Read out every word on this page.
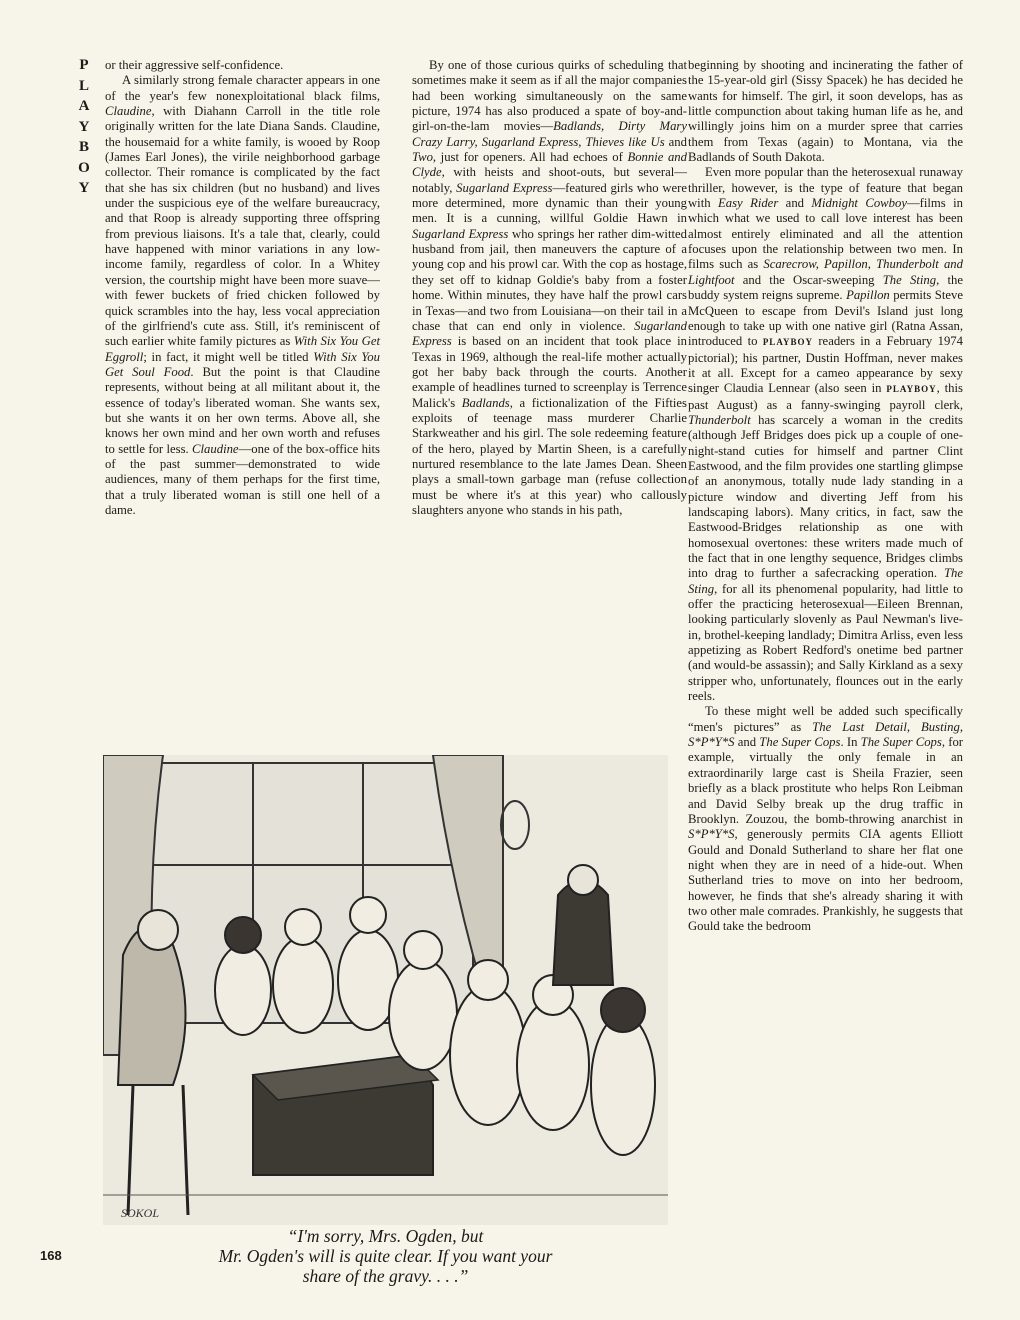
P
L
A
Y
B
O
Y

or their aggressive self-confidence.

A similarly strong female character appears in one of the year's few nonexploitational black films, Claudine, with Diahann Carroll in the title role originally written for the late Diana Sands. Claudine, the housemaid for a white family, is wooed by Roop (James Earl Jones), the virile neighborhood garbage collector. Their romance is complicated by the fact that she has six children (but no husband) and lives under the suspicious eye of the welfare bureaucracy, and that Roop is already supporting three offspring from previous liaisons. It's a tale that, clearly, could have happened with minor variations in any low-income family, regardless of color. In a Whitey version, the courtship might have been more suave—with fewer buckets of fried chicken followed by quick scrambles into the hay, less vocal appreciation of the girlfriend's cute ass. Still, it's reminiscent of such earlier white family pictures as With Six You Get Eggroll; in fact, it might well be titled With Six You Get Soul Food. But the point is that Claudine represents, without being at all militant about it, the essence of today's liberated woman. She wants sex, but she wants it on her own terms. Above all, she knows her own mind and her own worth and refuses to settle for less. Claudine—one of the box-office hits of the past summer—demonstrated to wide audiences, many of them perhaps for the first time, that a truly liberated woman is still one hell of a dame.

By one of those curious quirks of scheduling that sometimes make it seem as if all the major companies had been working simultaneously on the same picture, 1974 has also produced a spate of boy-and-girl-on-the-lam movies—Badlands, Dirty Mary Crazy Larry, Sugarland Express, Thieves like Us and Two, just for openers. All had echoes of Bonnie and Clyde, with heists and shoot-outs, but several—notably, Sugarland Express—featured girls who were more determined, more dynamic than their young men. It is a cunning, willful Goldie Hawn in Sugarland Express who springs her rather dim-witted husband from jail, then maneuvers the capture of a young cop and his prowl car. With the cop as hostage, they set off to kidnap Goldie's baby from a foster home. Within minutes, they have half the prowl cars in Texas—and two from Louisiana—on their tail in a chase that can end only in violence. Sugarland Express is based on an incident that took place in Texas in 1969, although the real-life mother actually got her baby back through the courts. Another example of headlines turned to screenplay is Terrence Malick's Badlands, a fictionalization of the Fifties exploits of teenage mass murderer Charlie Starkweather and his girl. The sole redeeming feature of the hero, played by Martin Sheen, is a carefully nurtured resemblance to the late James Dean. Sheen plays a small-town garbage man (refuse collection must be where it's at this year) who callously slaughters anyone who stands in his path,

beginning by shooting and incinerating the father of the 15-year-old girl (Sissy Spacek) he has decided he wants for himself. The girl, it soon develops, has as little compunction about taking human life as he, and willingly joins him on a murder spree that carries them from Texas (again) to Montana, via the Badlands of South Dakota.

Even more popular than the heterosexual runaway thriller, however, is the type of feature that began with Easy Rider and Midnight Cowboy—films in which what we used to call love interest has been almost entirely eliminated and all the attention focuses upon the relationship between two men. In films such as Scarecrow, Papillon, Thunderbolt and Lightfoot and the Oscar-sweeping The Sting, the buddy system reigns supreme. Papillon permits Steve McQueen to escape from Devil's Island just long enough to take up with one native girl (Ratna Assan, introduced to PLAYBOY readers in a February 1974 pictorial); his partner, Dustin Hoffman, never makes it at all. Except for a cameo appearance by sexy singer Claudia Lennear (also seen in PLAYBOY, this past August) as a fanny-swinging payroll clerk, Thunderbolt has scarcely a woman in the credits (although Jeff Bridges does pick up a couple of one-night-stand cuties for himself and partner Clint Eastwood, and the film provides one startling glimpse of an anonymous, totally nude lady standing in a picture window and diverting Jeff from his landscaping labors). Many critics, in fact, saw the Eastwood-Bridges relationship as one with homosexual overtones: these writers made much of the fact that in one lengthy sequence, Bridges climbs into drag to further a safecracking operation. The Sting, for all its phenomenal popularity, had little to offer the practicing heterosexual—Eileen Brennan, looking particularly slovenly as Paul Newman's live-in, brothel-keeping landlady; Dimitra Arliss, even less appetizing as Robert Redford's onetime bed partner (and would-be assassin); and Sally Kirkland as a sexy stripper who, unfortunately, flounces out in the early reels.

To these might well be added such specifically “men's pictures” as The Last Detail, Busting, S*P*Y*S and The Super Cops. In The Super Cops, for example, virtually the only female in an extraordinarily large cast is Sheila Frazier, seen briefly as a black prostitute who helps Ron Leibman and David Selby break up the drug traffic in Brooklyn. Zouzou, the bomb-throwing anarchist in S*P*Y*S, generously permits CIA agents Elliott Gould and Donald Sutherland to share her flat one night when they are in need of a hide-out. When Sutherland tries to move on into her bedroom, however, he finds that she's already sharing it with two other male comrades. Prankishly, he suggests that Gould take the bedroom

SOKOL
“I'm sorry, Mrs. Ogden, but
Mr. Ogden's will is quite clear. If you want your
share of the gravy. . . .”
168
